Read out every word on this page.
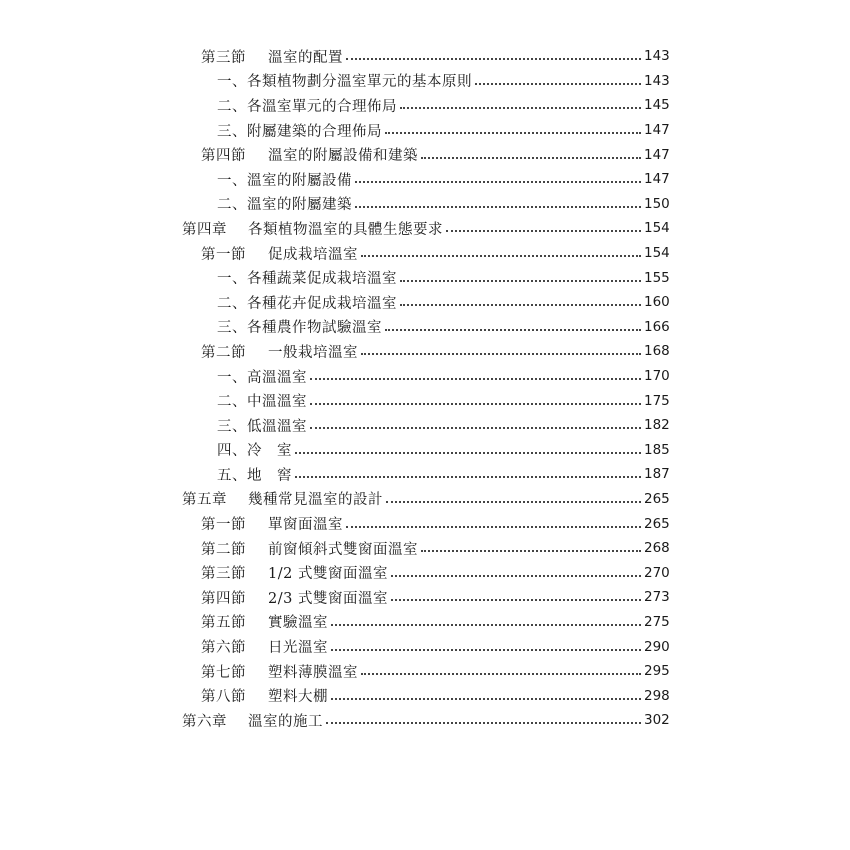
第三節	溫室的配置	143
一、 各類植物劃分溫室單元的基本原則	143
二、 各溫室單元的合理佈局	145
三、 附屬建築的合理佈局	147
第四節	溫室的附屬設備和建築	147
一、 溫室的附屬設備	147
二、 溫室的附屬建築	150
第四章	各類植物溫室的具體生態要求	154
第一節	促成栽培溫室	154
一、 各種蔬菜促成栽培溫室	155
二、 各種花卉促成栽培溫室	160
三、 各種農作物試驗溫室	166
第二節	一般栽培溫室	168
一、 高溫溫室	170
二、 中溫溫室	175
三、 低溫溫室	182
四、 冷　室	185
五、 地　窖	187
第五章	幾種常見溫室的設計	265
第一節	單窗面溫室	265
第二節	前窗傾斜式雙窗面溫室	268
第三節	1/2 式雙窗面溫室	270
第四節	2/3 式雙窗面溫室	273
第五節	實驗溫室	275
第六節	日光溫室	290
第七節	塑料薄膜溫室	295
第八節	塑料大棚	298
第六章	溫室的施工	302
